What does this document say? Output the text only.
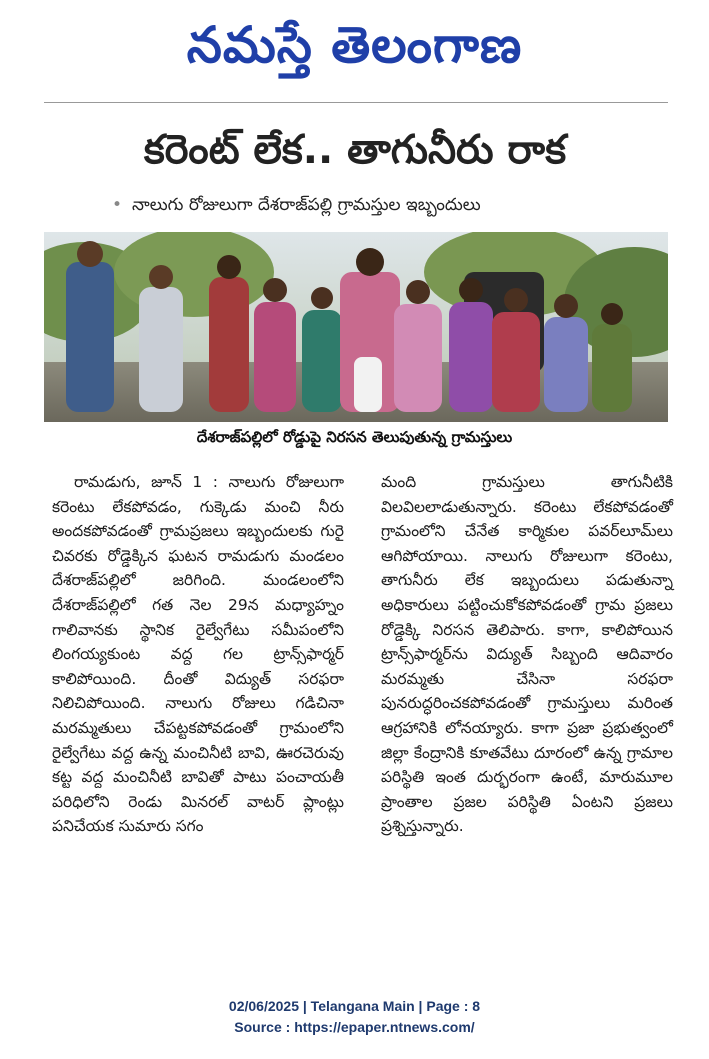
నమస్తే తెలంగాణ
కరెంట్ లేక.. తాగునీరు రాక
• నాలుగు రోజులుగా దేశరాజ్‌పల్లి గ్రామస్తుల ఇబ్బందులు
దేశరాజ్‌పల్లిలో రోడ్డుపై నిరసన తెలుపుతున్న గ్రామస్తులు

రామడుగు, జూన్ 1 : నాలుగు రోజులుగా కరెంటు లేకపోవడం, గుక్కెడు మంచి నీరు అందకపోవడంతో గ్రామప్రజలు ఇబ్బందులకు గురై చివరకు రోడ్డెక్కిన ఘటన రామడుగు మండలం దేశరాజ్‌పల్లిలో జరిగింది. మండలంలోని దేశరాజ్‌పల్లిలో గత నెల 29న మధ్యాహ్నం గాలివానకు స్థానిక రైల్వేగేటు సమీపంలోని లింగయ్యకుంట వద్ద గల ట్రాన్స్‌ఫార్మర్ కాలిపోయింది. దీంతో విద్యుత్ సరఫరా నిలిచిపోయింది. నాలుగు రోజులు గడిచినా మరమ్మతులు చేపట్టకపోవడంతో గ్రామంలోని రైల్వేగేటు వద్ద ఉన్న మంచినీటి బావి, ఊరచెరువు కట్ట వద్ద మంచినీటి బావితో పాటు పంచాయతీ పరిధిలోని రెండు మినరల్ వాటర్ ప్లాంట్లు పనిచేయక సుమారు సగం

మంది గ్రామస్తులు తాగునీటికి విలవిలలాడుతున్నారు. కరెంటు లేకపోవడంతో గ్రామంలోని చేనేత కార్మికుల పవర్‌లూమ్‌లు ఆగిపోయాయి. నాలుగు రోజులుగా కరెంటు, తాగునీరు లేక ఇబ్బందులు పడుతున్నా అధికారులు పట్టించుకోకపోవడంతో గ్రామ ప్రజలు రోడ్డెక్కి నిరసన తెలిపారు. కాగా, కాలిపోయిన ట్రాన్స్‌ఫార్మర్‌ను విద్యుత్ సిబ్బంది ఆదివారం మరమ్మతు చేసినా సరఫరా పునరుద్ధరించకపోవడంతో గ్రామస్తులు మరింత ఆగ్రహానికి లోనయ్యారు. కాగా ప్రజా ప్రభుత్వంలో జిల్లా కేంద్రానికి కూతవేటు దూరంలో ఉన్న గ్రామాల పరిస్థితి ఇంత దుర్భరంగా ఉంటే, మారుమూల ప్రాంతాల ప్రజల పరిస్థితి ఏంటని ప్రజలు ప్రశ్నిస్తున్నారు.

02/06/2025 | Telangana Main | Page : 8
Source : https://epaper.ntnews.com/
